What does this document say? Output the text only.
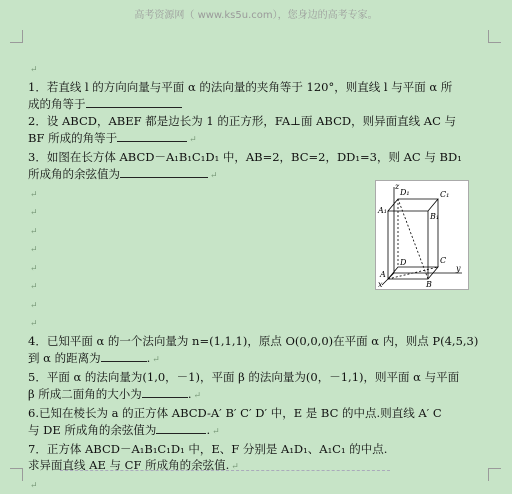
高考资源网（ www.ks5u.com），您身边的高考专家。
↵
1．若直线 l 的方向向量与平面 α 的法向量的夹角等于 120°，则直线 l 与平面 α 所
成的角等于
2．设 ABCD，ABEF 都是边长为 1 的正方形，FA⊥面 ABCD，则异面直线 AC 与
BF 所成的角等于	↵
3．如图在长方体 ABCD－A₁B₁C₁D₁ 中，AB=2，BC=2，DD₁=3，则 AC 与 BD₁
所成角的余弦值为	↵
↵
↵
↵
↵
↵
↵
↵
↵
4．已知平面 α 的一个法向量为 n=(1,1,1)，原点 O(0,0,0)在平面 α 内，则点 P(4,5,3)
到 α 的距离为	. ↵
5．平面 α 的法向量为(1,0，－1)，平面 β 的法向量为(0，－1,1)，则平面 α 与平面
β 所成二面角的大小为	. ↵
6.已知在棱长为 a 的正方体 ABCD-A′ B′ C′ D′ 中，E 是 BC 的中点.则直线 A′ C
与 DE 所成角的余弦值为	. ↵
7．正方体 ABCD－A₁B₁C₁D₁ 中，E、F 分别是 A₁D₁、A₁C₁ 的中点.
求异面直线 AE 与 CF 所成角的余弦值. ↵
↵
z
D₁	C₁
A₁
B₁
D	C
A
B
y
x
